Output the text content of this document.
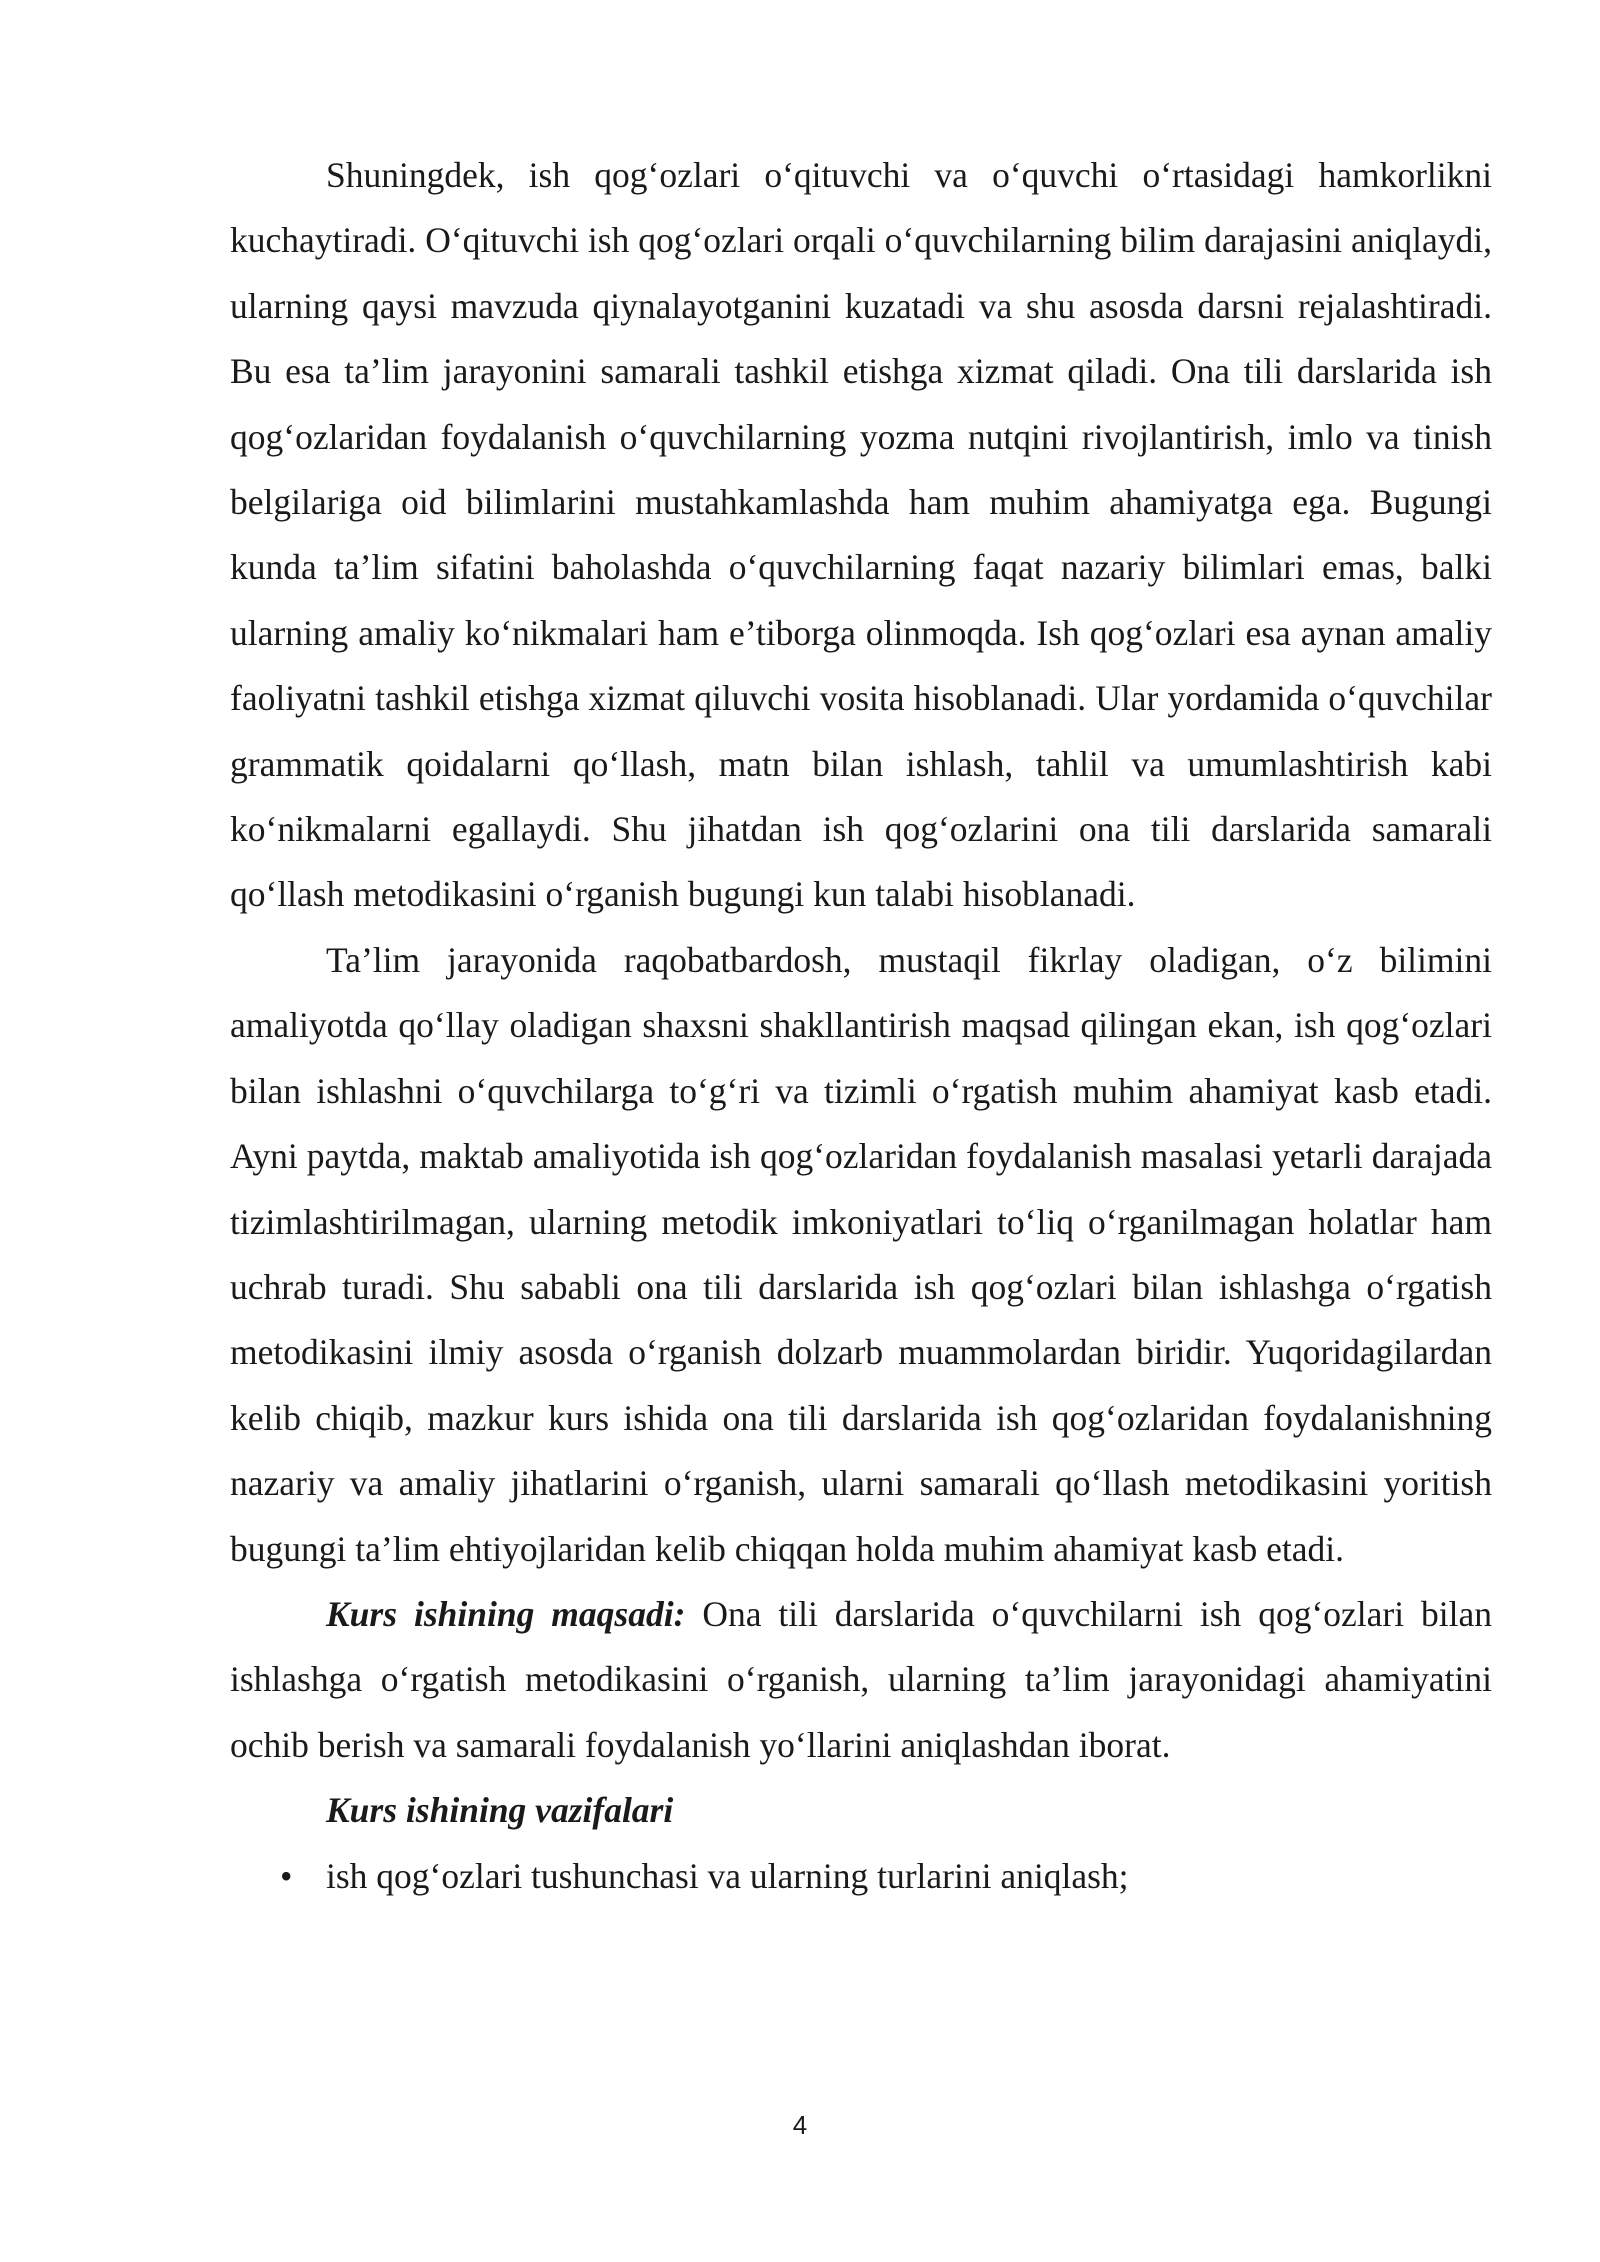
Shuningdek, ish qog‘ozlari o‘qituvchi va o‘quvchi o‘rtasidagi hamkorlikni kuchaytiradi. O‘qituvchi ish qog‘ozlari orqali o‘quvchilarning bilim darajasini aniqlaydi, ularning qaysi mavzuda qiynalayotganini kuzatadi va shu asosda darsni rejalashtiradi. Bu esa ta’lim jarayonini samarali tashkil etishga xizmat qiladi. Ona tili darslarida ish qog‘ozlaridan foydalanish o‘quvchilarning yozma nutqini rivojlantirish, imlo va tinish belgilariga oid bilimlarini mustahkamlashda ham muhim ahamiyatga ega. Bugungi kunda ta’lim sifatini baholashda o‘quvchilarning faqat nazariy bilimlari emas, balki ularning amaliy ko‘nikmalari ham e’tiborga olinmoqda. Ish qog‘ozlari esa aynan amaliy faoliyatni tashkil etishga xizmat qiluvchi vosita hisoblanadi. Ular yordamida o‘quvchilar grammatik qoidalarni qo‘llash, matn bilan ishlash, tahlil va umumlashtirish kabi ko‘nikmalarni egallaydi. Shu jihatdan ish qog‘ozlarini ona tili darslarida samarali qo‘llash metodikasini o‘rganish bugungi kun talabi hisoblanadi.

Ta’lim jarayonida raqobatbardosh, mustaqil fikrlay oladigan, o‘z bilimini amaliyotda qo‘llay oladigan shaxsni shakllantirish maqsad qilingan ekan, ish qog‘ozlari bilan ishlashni o‘quvchilarga to‘g‘ri va tizimli o‘rgatish muhim ahamiyat kasb etadi. Ayni paytda, maktab amaliyotida ish qog‘ozlaridan foydalanish masalasi yetarli darajada tizimlashtirilmagan, ularning metodik imkoniyatlari to‘liq o‘rganilmagan holatlar ham uchrab turadi. Shu sababli ona tili darslarida ish qog‘ozlari bilan ishlashga o‘rgatish metodikasini ilmiy asosda o‘rganish dolzarb muammolardan biridir. Yuqoridagilardan kelib chiqib, mazkur kurs ishida ona tili darslarida ish qog‘ozlaridan foydalanishning nazariy va amaliy jihatlarini o‘rganish, ularni samarali qo‘llash metodikasini yoritish bugungi ta’lim ehtiyojlaridan kelib chiqqan holda muhim ahamiyat kasb etadi.

Kurs ishining maqsadi: Ona tili darslarida o‘quvchilarni ish qog‘ozlari bilan ishlashga o‘rgatish metodikasini o‘rganish, ularning ta’lim jarayonidagi ahamiyatini ochib berish va samarali foydalanish yo‘llarini aniqlashdan iborat.

Kurs ishining vazifalari

• ish qog‘ozlari tushunchasi va ularning turlarini aniqlash;
4
